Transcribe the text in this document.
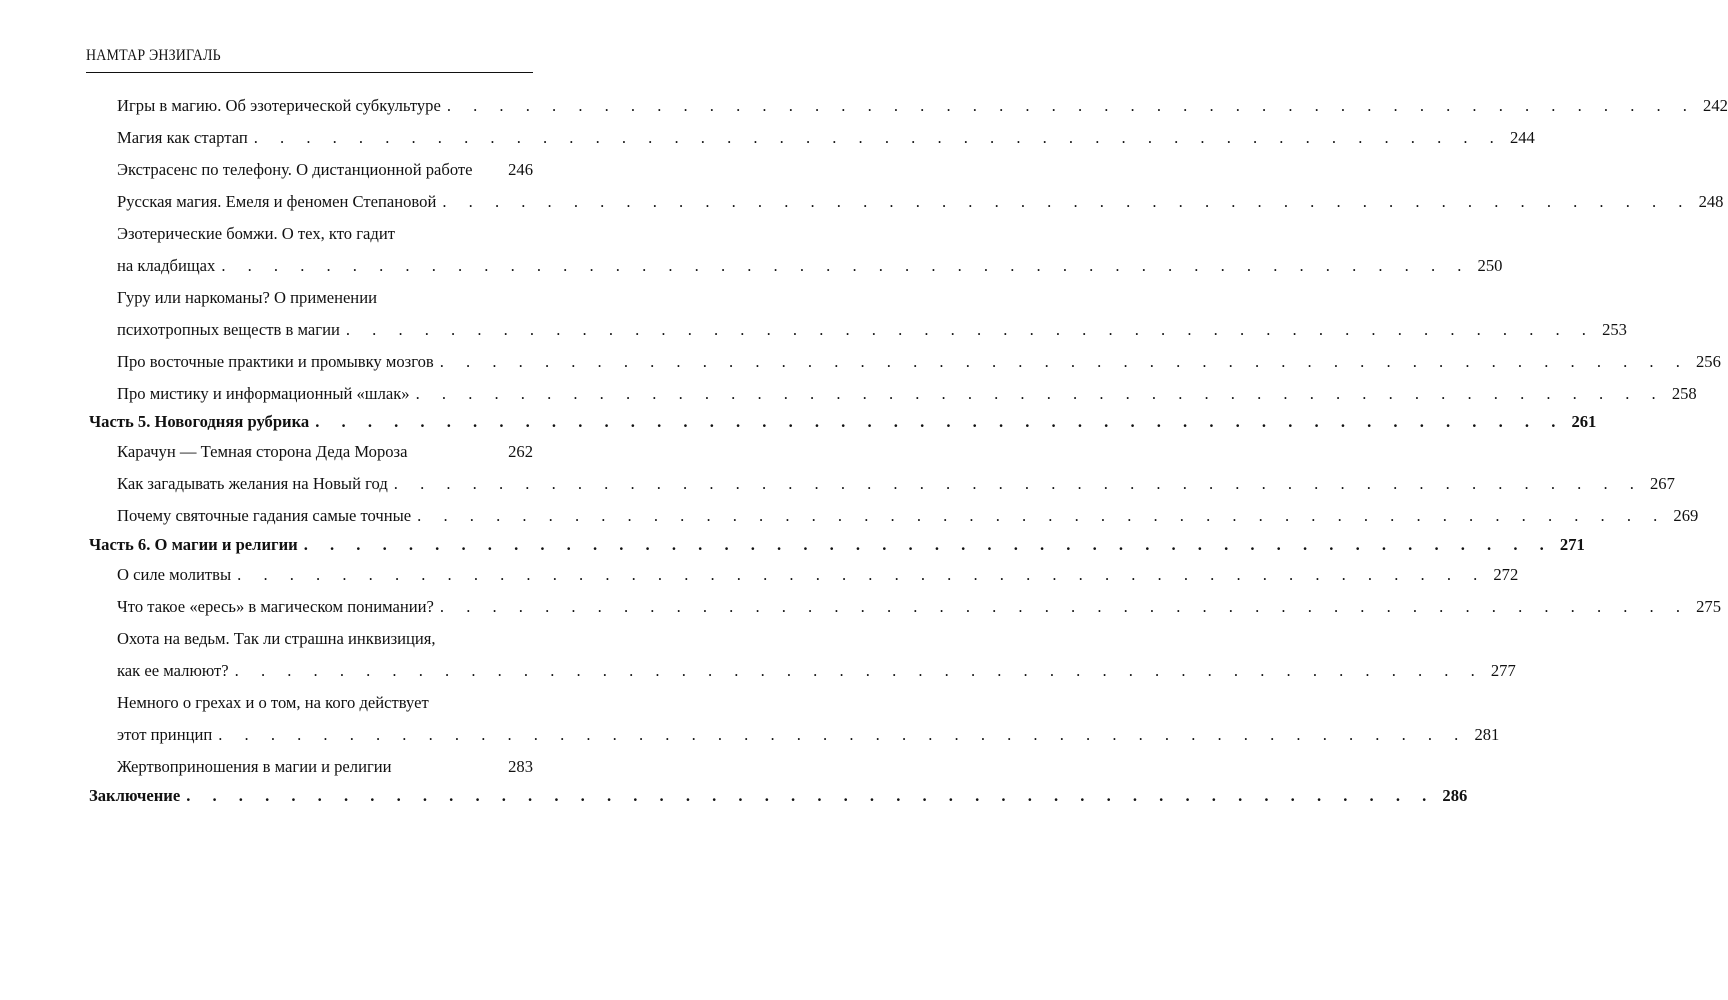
НАМТАР ЭНЗИГАЛЬ
Игры в магию. Об эзотерической субкультуре . . . . . . . . . . . . . . . . . . . . . . . . . . . . . . . . . . . . . . . . . . . . . . . . 242
Магия как стартап . . . . . . . . . . . . . . . . . . . . . . . . . . . . . . . . . . . . . . . . . . . . . . . . 244
Экстрасенс по телефону. О дистанционной работе 246
Русская магия. Емеля и феномен Степановой . . . . . . . . . . . . . . . . . . . . . . . . . . . . . . . . . . . . . . . . . . . . . . . . 248
Эзотерические бомжи. О тех, кто гадит
на кладбищах . . . . . . . . . . . . . . . . . . . . . . . . . . . . . . . . . . . . . . . . . . . . . . . . 250
Гуру или наркоманы? О применении
психотропных веществ в магии . . . . . . . . . . . . . . . . . . . . . . . . . . . . . . . . . . . . . . . . . . . . . . . . 253
Про восточные практики и промывку мозгов . . . . . . . . . . . . . . . . . . . . . . . . . . . . . . . . . . . . . . . . . . . . . . . . 256
Про мистику и информационный «шлак» . . . . . . . . . . . . . . . . . . . . . . . . . . . . . . . . . . . . . . . . . . . . . . . . 258
Часть 5. Новогодняя рубрика . . . . . . . . . . . . . . . . . . . . . . . . . . . . . . . . . . . . . . . . . . . . . . . . 261
Карачун — Темная сторона Деда Мороза	262
Как загадывать желания на Новый год . . . . . . . . . . . . . . . . . . . . . . . . . . . . . . . . . . . . . . . . . . . . . . . . 267
Почему святочные гадания самые точные . . . . . . . . . . . . . . . . . . . . . . . . . . . . . . . . . . . . . . . . . . . . . . . . 269
Часть 6. О магии и религии . . . . . . . . . . . . . . . . . . . . . . . . . . . . . . . . . . . . . . . . . . . . . . . . 271
О силе молитвы . . . . . . . . . . . . . . . . . . . . . . . . . . . . . . . . . . . . . . . . . . . . . . . . 272
Что такое «ересь» в магическом понимании? . . . . . . . . . . . . . . . . . . . . . . . . . . . . . . . . . . . . . . . . . . . . . . . . 275
Охота на ведьм. Так ли страшна инквизиция,
как ее малюют? . . . . . . . . . . . . . . . . . . . . . . . . . . . . . . . . . . . . . . . . . . . . . . . . 277
Немного о грехах и о том, на кого действует
этот принцип . . . . . . . . . . . . . . . . . . . . . . . . . . . . . . . . . . . . . . . . . . . . . . . . 281
Жертвоприношения в магии и религии	283
Заключение . . . . . . . . . . . . . . . . . . . . . . . . . . . . . . . . . . . . . . . . . . . . . . . . 286
